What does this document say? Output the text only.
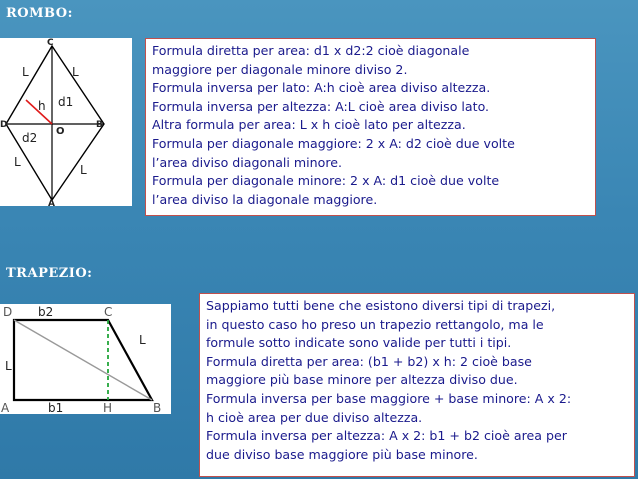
ROMBO:
C
A
D	B
O
L	L
L
L
h d1
d2
Formula diretta per area: d1 x d2:2 cioè diagonale
maggiore per diagonale minore diviso 2.
Formula inversa per lato: A:h cioè area diviso altezza.
Formula inversa per altezza: A:L cioè area diviso lato.
Altra formula per area: L x h cioè lato per altezza.
Formula per diagonale maggiore: 2 x A: d2 cioè due volte
l’area diviso diagonali minore.
Formula per diagonale minore: 2 x A: d1 cioè due volte
l’area diviso la diagonale maggiore.
TRAPEZIO:
D	C
A	H	B
b2
b1
L
L
Sappiamo tutti bene che esistono diversi tipi di trapezi,
in questo caso ho preso un trapezio rettangolo, ma le
formule sotto indicate sono valide per tutti i tipi.
Formula diretta per area: (b1 + b2) x h: 2 cioè base
maggiore più base minore per altezza diviso due.
Formula inversa per base maggiore + base minore: A x 2:
h cioè area per due diviso altezza.
Formula inversa per altezza: A x 2: b1 + b2 cioè area per
due diviso base maggiore più base minore.
